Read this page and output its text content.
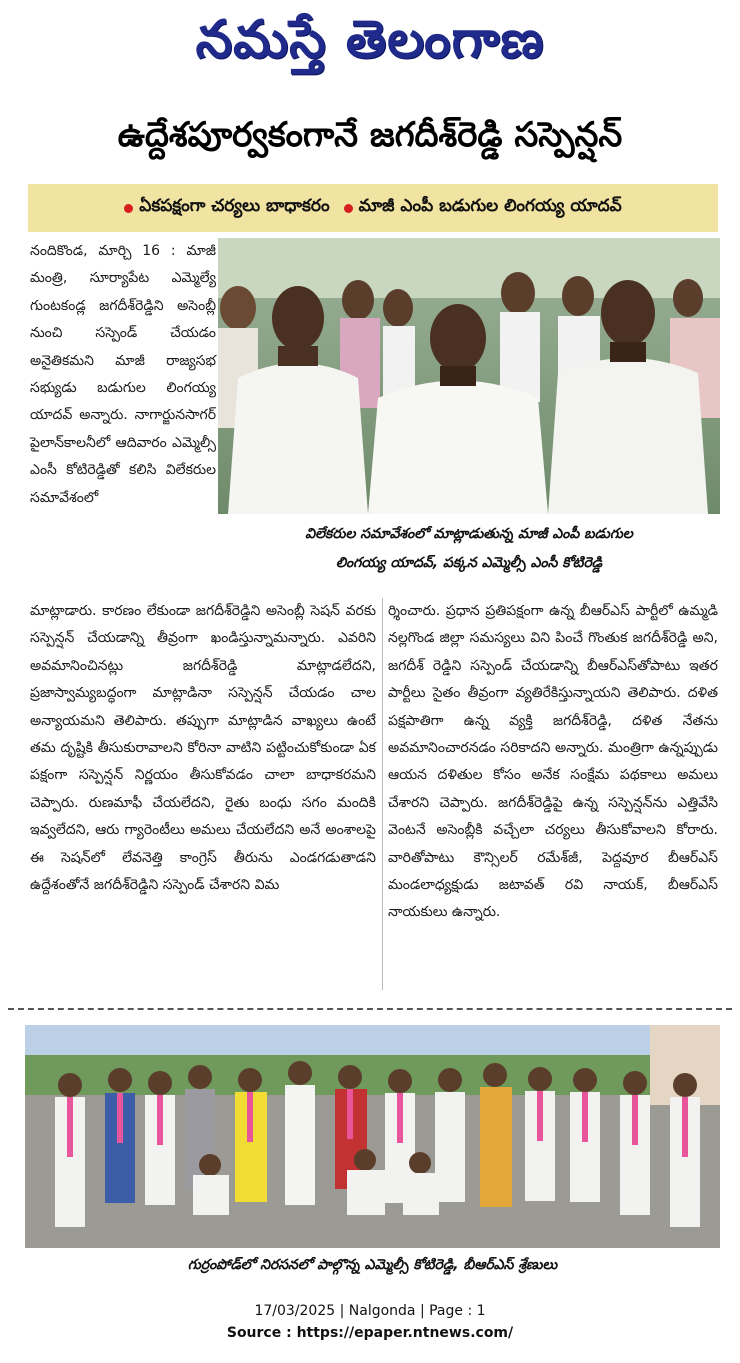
నమస్తే తెలంగాణ
ఉద్దేశపూర్వకంగానే జగదీశ్‌రెడ్డి సస్పెన్షన్
ఏకపక్షంగా చర్యలు బాధాకరం మాజీ ఎంపీ బడుగుల లింగయ్య యాదవ్
నందికొండ, మార్చి 16 : మాజీ మంత్రి, సూర్యాపేట ఎమ్మెల్యే గుంటకండ్ల జగదీశ్‌రెడ్డిని అసెంబ్లీ నుంచి సస్పెండ్ చేయడం అనైతికమని మాజీ రాజ్యసభ సభ్యుడు బడుగుల లింగయ్య యాదవ్ అన్నారు. నాగార్జునసాగర్ పైలాన్‌కాలనీలో ఆదివారం ఎమ్మెల్సీ ఎంసీ కోటిరెడ్డితో కలిసి విలేకరుల సమావేశంలో
విలేకరుల సమావేశంలో మాట్లాడుతున్న మాజీ ఎంపీ బడుగుల
లింగయ్య యాదవ్, పక్కన ఎమ్మెల్సీ ఎంసీ కోటిరెడ్డి
మాట్లాడారు. కారణం లేకుండా జగదీశ్‌రెడ్డిని అసెంబ్లీ సెషన్ వరకు సస్పెన్షన్ చేయడాన్ని తీవ్రంగా ఖండిస్తున్నామన్నారు. ఎవరిని అవమానించినట్లు జగదీశ్‌రెడ్డి మాట్లాడలేదని, ప్రజాస్వామ్యబద్ధంగా మాట్లాడినా సస్పెన్షన్ చేయడం చాల అన్యాయమని తెలిపారు. తప్పుగా మాట్లాడిన వాఖ్యలు ఉంటే తమ దృష్టికి తీసుకురావాలని కోరినా వాటిని పట్టించుకోకుండా ఏక పక్షంగా సస్పెన్షన్ నిర్ణయం తీసుకోవడం చాలా బాధాకరమని చెప్పారు. రుణమాఫీ చేయలేదని, రైతు బంధు సగం మందికి ఇవ్వలేదని, ఆరు గ్యారెంటీలు అమలు చేయలేదని అనే అంశాలపై ఈ సెషన్‌లో లేవనెత్తి కాంగ్రెస్ తీరును ఎండగడుతాడని ఉద్దేశంతోనే జగదీశ్‌రెడ్డిని సస్పెండ్ చేశారని విమ
ర్శించారు. ప్రధాన ప్రతిపక్షంగా ఉన్న బీఆర్‌ఎస్ పార్టీలో ఉమ్మడి నల్లగొండ జిల్లా సమస్యలు విని పించే గొంతుక జగదీశ్‌రెడ్డి అని, జగదీశ్ రెడ్డిని సస్పెండ్ చేయడాన్ని బీఆర్‌ఎస్‌తోపాటు ఇతర పార్టీలు సైతం తీవ్రంగా వ్యతిరేకిస్తున్నాయని తెలిపారు. దళిత పక్షపాతిగా ఉన్న వ్యక్తి జగదీశ్‌రెడ్డి, దళిత నేతను అవమానించారనడం సరికాదని అన్నారు. మంత్రిగా ఉన్నప్పుడు ఆయన దళితుల కోసం అనేక సంక్షేమ పథకాలు అమలు చేశారని చెప్పారు. జగదీశ్‌రెడ్డిపై ఉన్న సస్పెన్షన్‌ను ఎత్తివేసి వెంటనే అసెంబ్లీకి వచ్చేలా చర్యలు తీసుకోవాలని కోరారు. వారితోపాటు కౌన్సిలర్ రమేశ్‌జీ, పెద్దవూర బీఆర్‌ఎస్ మండలాధ్యక్షుడు జటావత్ రవి నాయక్, బీఆర్‌ఎస్ నాయకులు ఉన్నారు.
గుర్రంపోడ్‌లో నిరసనలో పాల్గొన్న ఎమ్మెల్సీ కోటిరెడ్డి, బీఆర్‌ఎస్ శ్రేణులు
17/03/2025 | Nalgonda | Page : 1
Source : https://epaper.ntnews.com/
